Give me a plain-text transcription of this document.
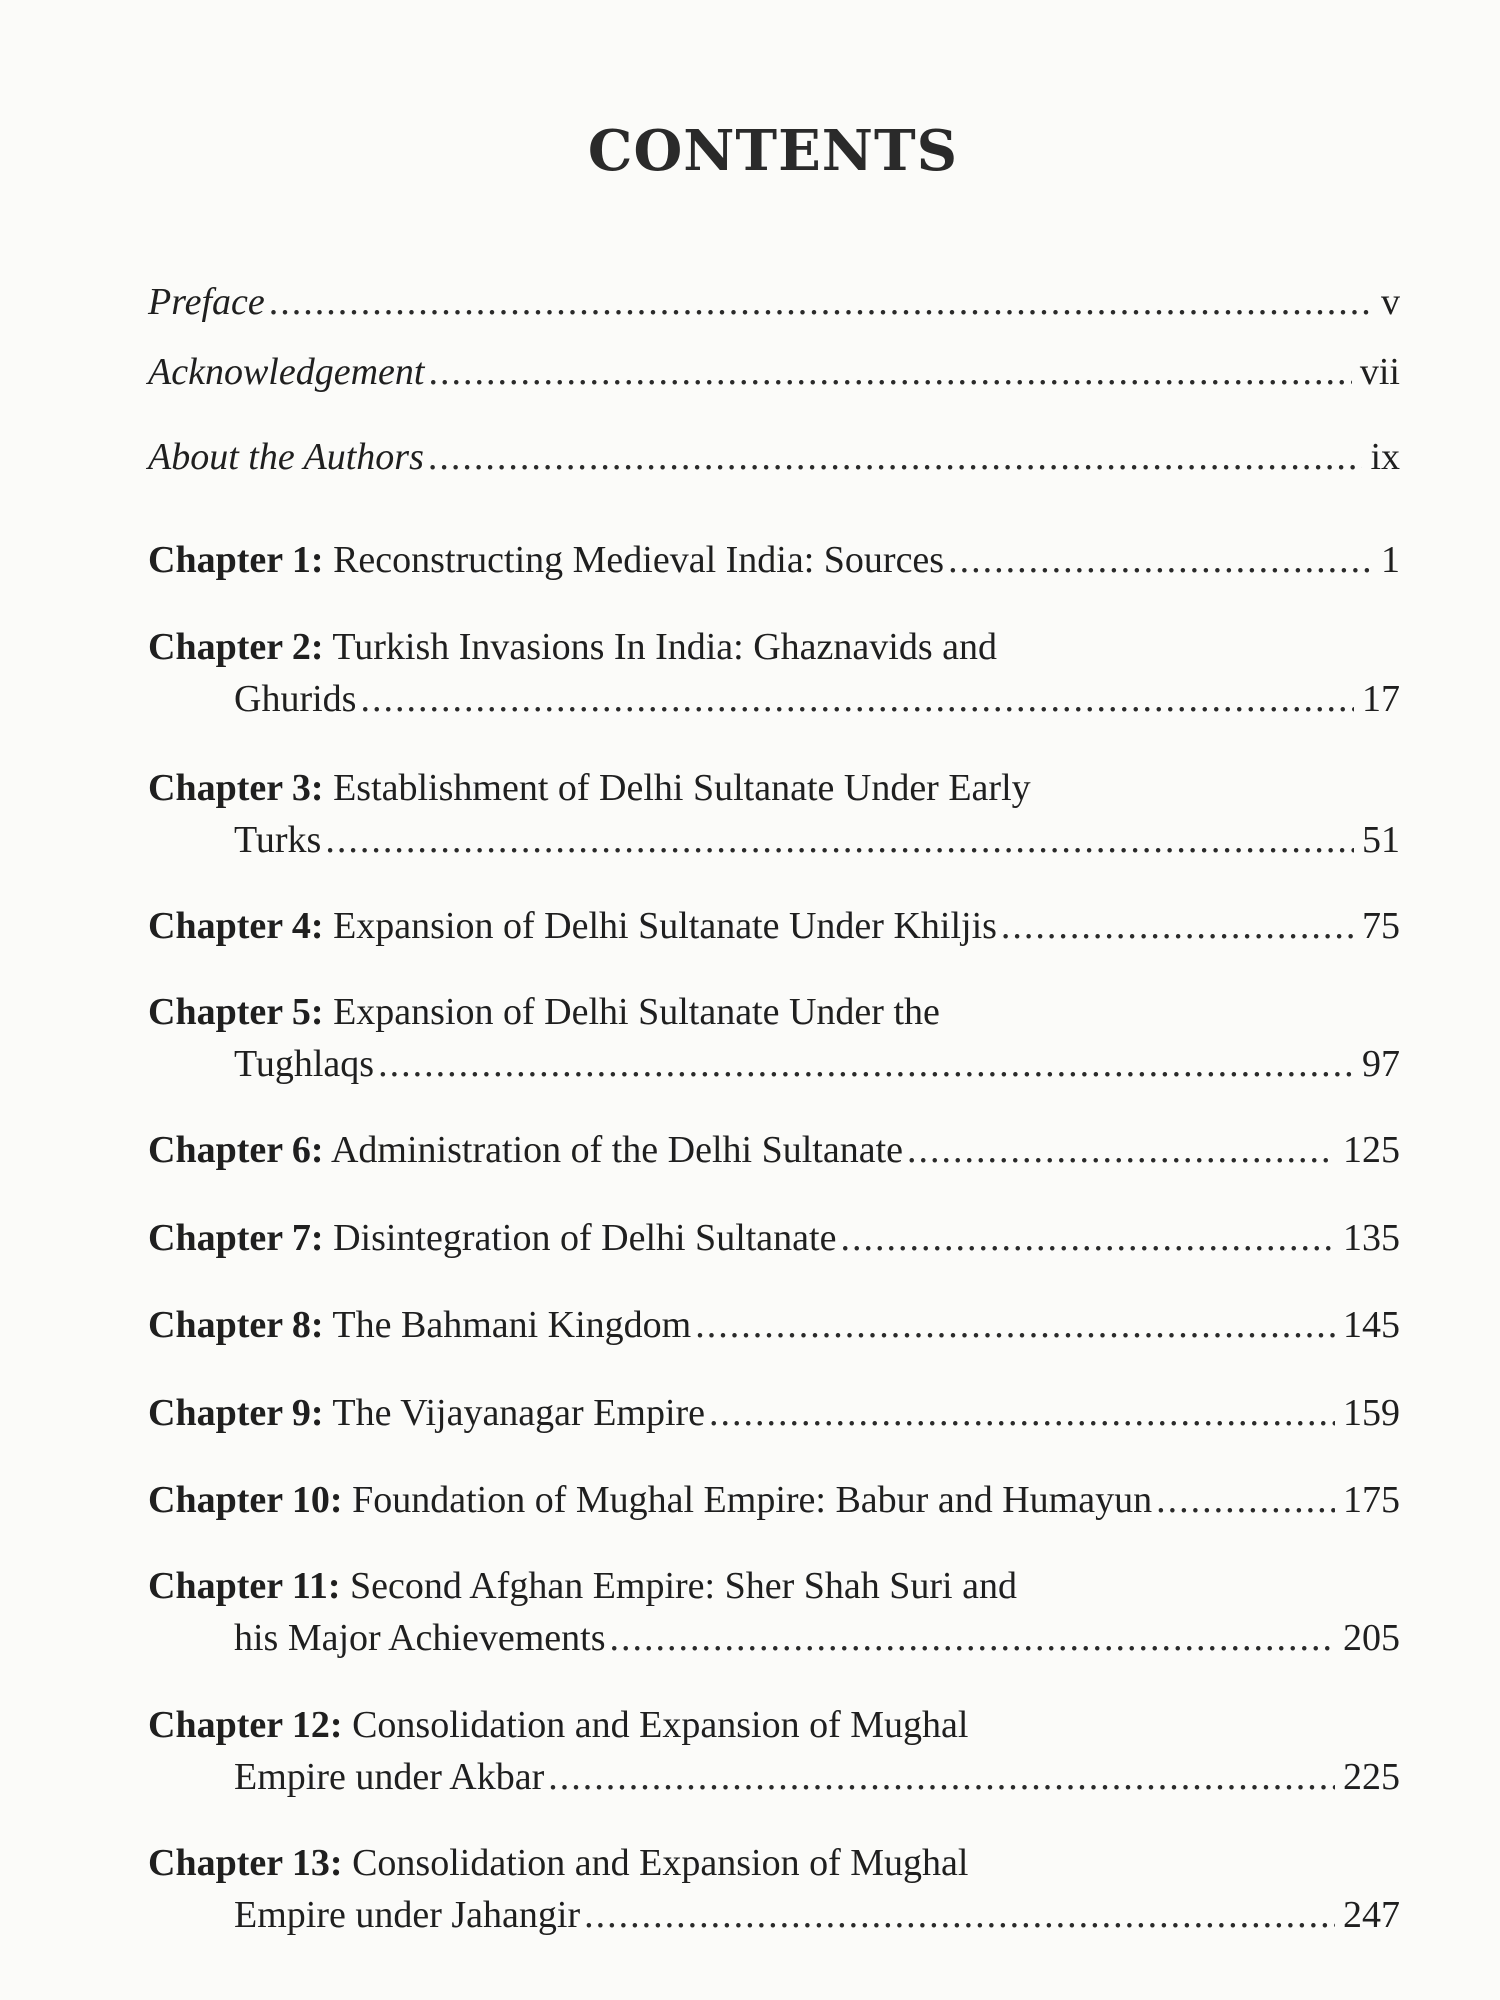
CONTENTS
Preface .....	v
Acknowledgement .....	vii
About the Authors .....	ix
Chapter 1: Reconstructing Medieval India: Sources .....	1
Chapter 2: Turkish Invasions In India: Ghaznavids and
Ghurids .....	17
Chapter 3: Establishment of Delhi Sultanate Under Early
Turks .....	51
Chapter 4: Expansion of Delhi Sultanate Under Khiljis .....	75
Chapter 5: Expansion of Delhi Sultanate Under the
Tughlaqs .....	97
Chapter 6: Administration of the Delhi Sultanate .....	125
Chapter 7: Disintegration of Delhi Sultanate .....	135
Chapter 8: The Bahmani Kingdom .....	145
Chapter 9: The Vijayanagar Empire .....	159
Chapter 10: Foundation of Mughal Empire: Babur and Humayun .....	175
Chapter 11: Second Afghan Empire: Sher Shah Suri and
his Major Achievements .....	205
Chapter 12: Consolidation and Expansion of Mughal
Empire under Akbar .....	225
Chapter 13: Consolidation and Expansion of Mughal
Empire under Jahangir .....	247
